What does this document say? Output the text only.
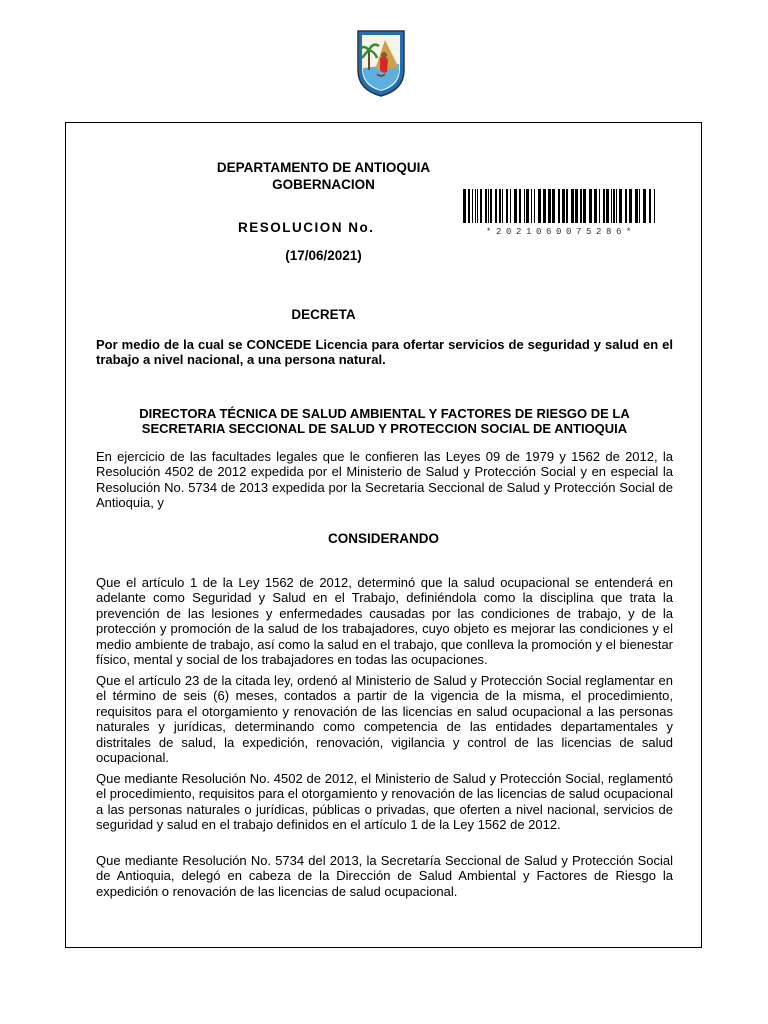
DEPARTAMENTO DE ANTIOQUIA
GOBERNACION
RESOLUCION No.	*2021060075286*
(17/06/2021)
DECRETA

Por medio de la cual se CONCEDE Licencia para ofertar servicios de seguridad y salud en el trabajo a nivel nacional, a una persona natural.

DIRECTORA TÉCNICA DE SALUD AMBIENTAL Y FACTORES DE RIESGO DE LA SECRETARIA SECCIONAL DE SALUD Y PROTECCION SOCIAL DE ANTIOQUIA

En ejercicio de las facultades legales que le confieren las Leyes 09 de 1979 y 1562 de 2012, la Resolución 4502 de 2012 expedida por el Ministerio de Salud y Protección Social y en especial la Resolución No. 5734 de 2013 expedida por la Secretaria Seccional de Salud y Protección Social de Antioquia, y

CONSIDERANDO

Que el artículo 1 de la Ley 1562 de 2012, determinó que la salud ocupacional se entenderá en adelante como Seguridad y Salud en el Trabajo, definiéndola como la disciplina que trata la prevención de las lesiones y enfermedades causadas por las condiciones de trabajo, y de la protección y promoción de la salud de los trabajadores, cuyo objeto es mejorar las condiciones y el medio ambiente de trabajo, así como la salud en el trabajo, que conlleva la promoción y el bienestar físico, mental y social de los trabajadores en todas las ocupaciones.

Que el artículo 23 de la citada ley, ordenó al Ministerio de Salud y Protección Social reglamentar en el término de seis (6) meses, contados a partir de la vigencia de la misma, el procedimiento, requisitos para el otorgamiento y renovación de las licencias en salud ocupacional a las personas naturales y jurídicas, determinando como competencia de las entidades departamentales y distritales de salud, la expedición, renovación, vigilancia y control de las licencias de salud ocupacional.

Que mediante Resolución No. 4502 de 2012, el Ministerio de Salud y Protección Social, reglamentó el procedimiento, requisitos para el otorgamiento y renovación de las licencias de salud ocupacional a las personas naturales o jurídicas, públicas o privadas, que oferten a nivel nacional, servicios de seguridad y salud en el trabajo definidos en el artículo 1 de la Ley 1562 de 2012.

Que mediante Resolución No. 5734 del 2013, la Secretaría Seccional de Salud y Protección Social de Antioquia, delegó en cabeza de la Dirección de Salud Ambiental y Factores de Riesgo la expedición o renovación de las licencias de salud ocupacional.
